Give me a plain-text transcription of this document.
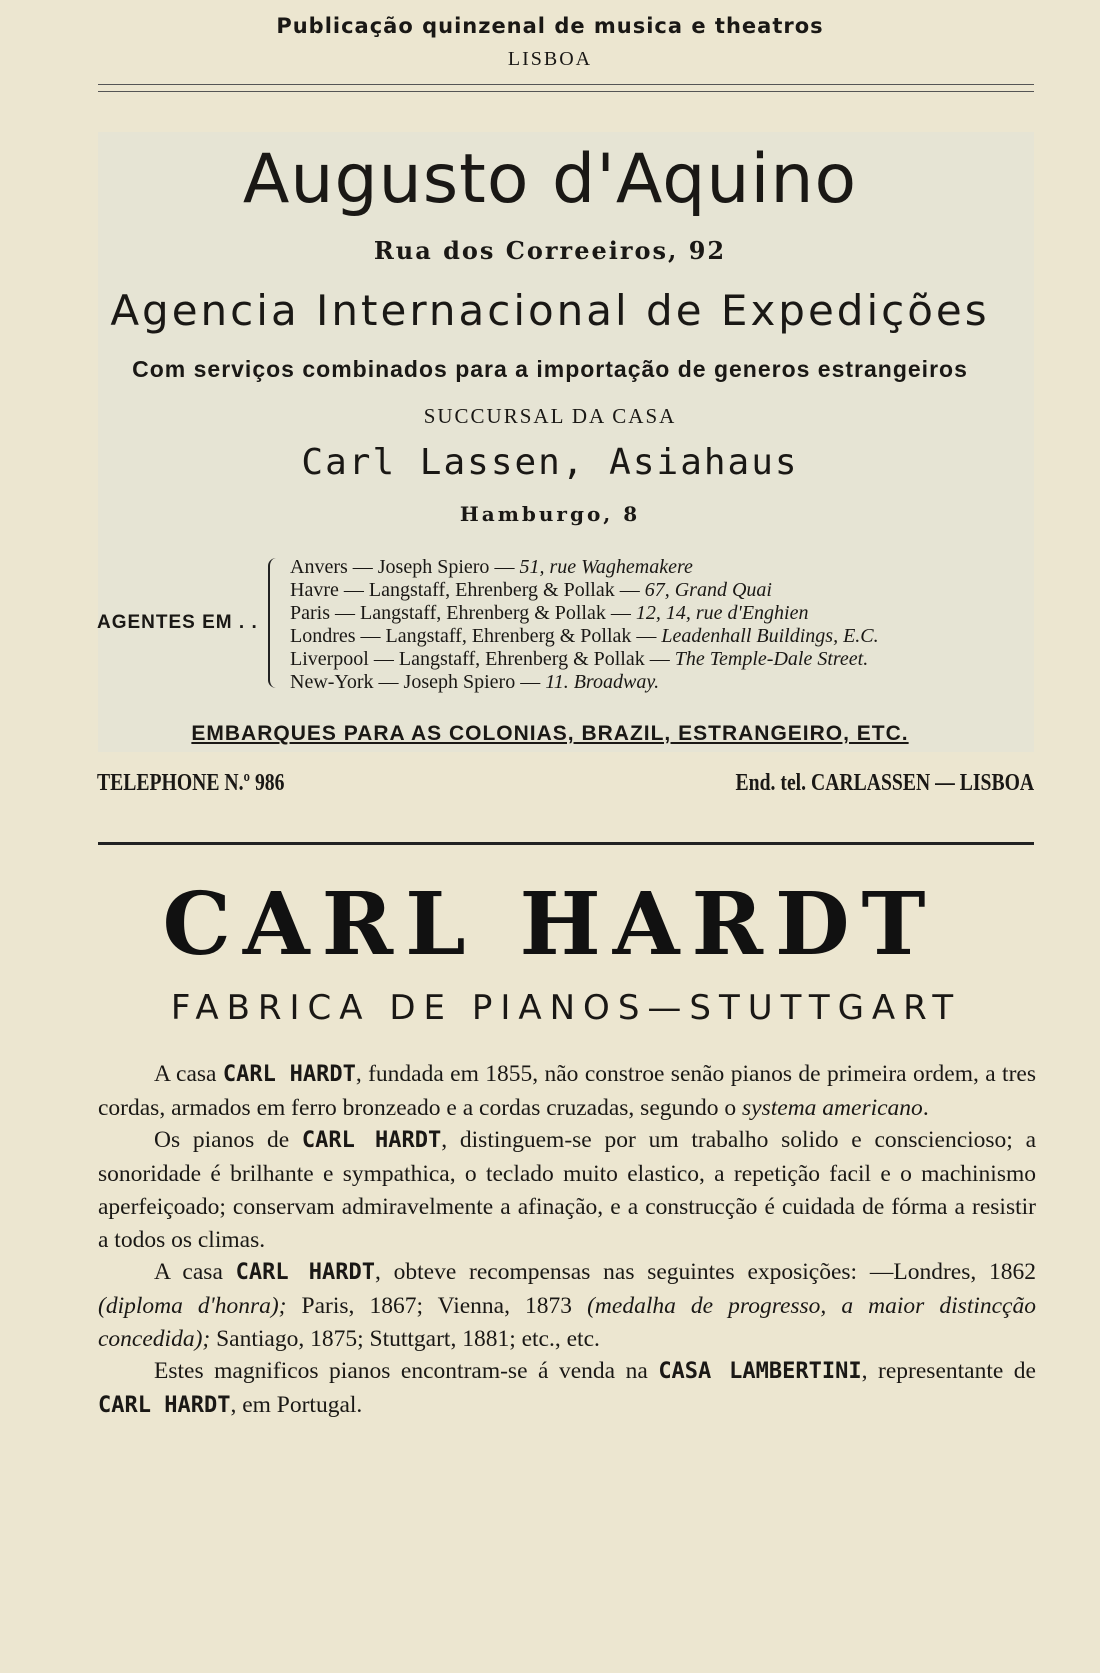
Publicação quinzenal de musica e theatros
LISBOA
Augusto d'Aquino
Rua dos Correeiros, 92
Agencia Internacional de Expedições
Com serviços combinados para a importação de generos estrangeiros
SUCCURSAL DA CASA
Carl Lassen, Asiahaus
Hamburgo, 8
AGENTES EM . .
Anvers — Joseph Spiero — 51, rue Waghemakere
Havre — Langstaff, Ehrenberg & Pollak — 67, Grand Quai
Paris — Langstaff, Ehrenberg & Pollak — 12, 14, rue d'Enghien
Londres — Langstaff, Ehrenberg & Pollak — Leadenhall Buildings, E.C.
Liverpool — Langstaff, Ehrenberg & Pollak — The Temple-Dale Street.
New-York — Joseph Spiero — 11. Broadway.
EMBARQUES PARA AS COLONIAS, BRAZIL, ESTRANGEIRO, ETC.
TELEPHONE N.º 986	End. tel. CARLASSEN — LISBOA
CARL HARDT
FABRICA DE PIANOS—STUTTGART

A casa CARL HARDT, fundada em 1855, não constroe senão pianos de primeira ordem, a tres cordas, armados em ferro bronzeado e a cordas cruzadas, segundo o systema americano.

Os pianos de CARL HARDT, distinguem-se por um trabalho solido e consciencioso; a sonoridade é brilhante e sympathica, o teclado muito elastico, a repetição facil e o machinismo aperfeiçoado; conservam admiravelmente a afinação, e a construcção é cuidada de fórma a resistir a todos os climas.

A casa CARL HARDT, obteve recompensas nas seguintes exposições: —Londres, 1862 (diploma d'honra); Paris, 1867; Vienna, 1873 (medalha de progresso, a maior distincção concedida); Santiago, 1875; Stuttgart, 1881; etc., etc.

Estes magnificos pianos encontram-se á venda na CASA LAMBERTINI, representante de CARL HARDT, em Portugal.
